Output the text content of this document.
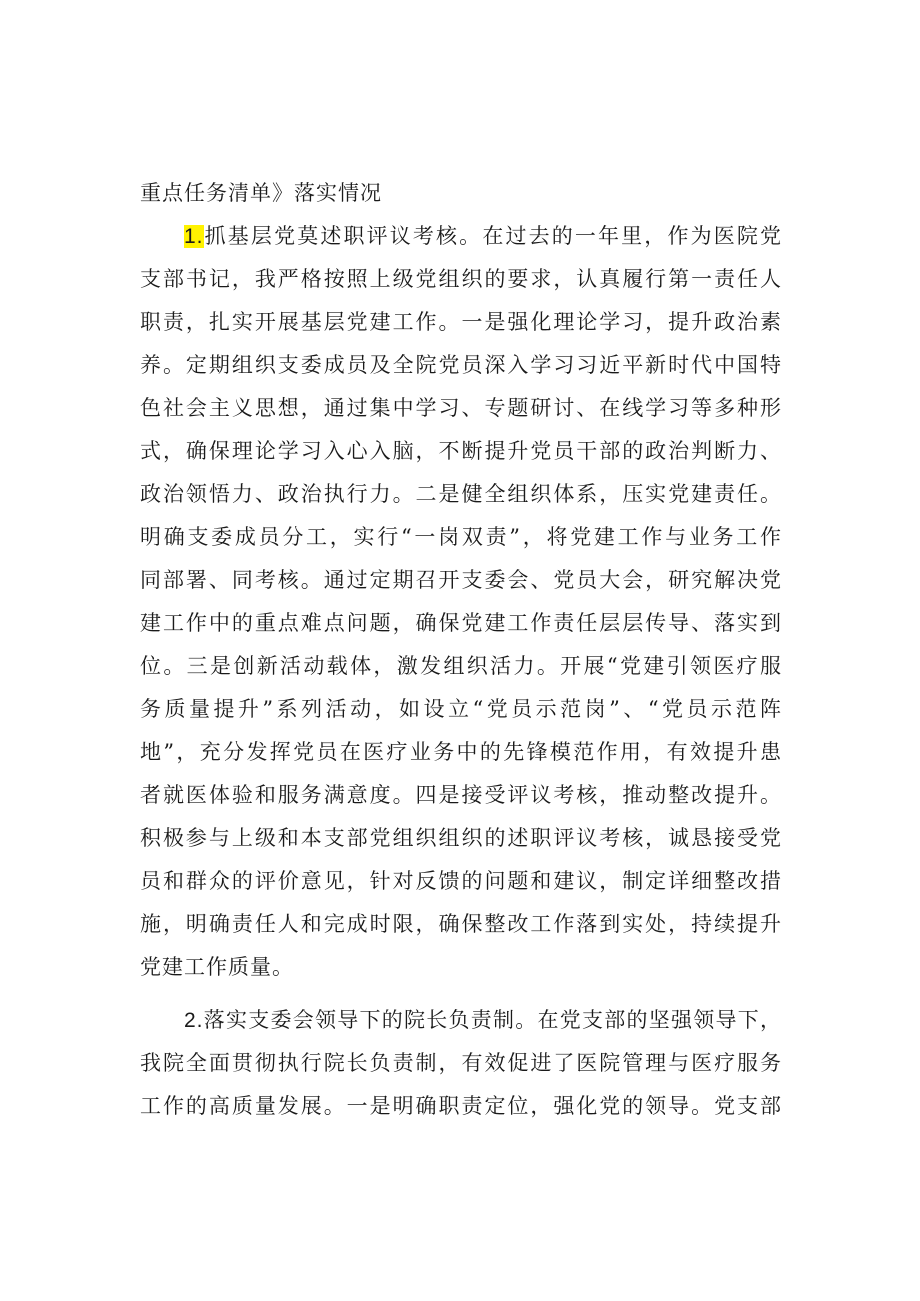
重点任务清单》落实情况
1.抓基层党莫述职评议考核。在过去的一年里，作为医院党
支部书记，我严格按照上级党组织的要求，认真履行第一责任人
职责，扎实开展基层党建工作。一是强化理论学习，提升政治素
养。定期组织支委成员及全院党员深入学习习近平新时代中国特
色社会主义思想，通过集中学习、专题研讨、在线学习等多种形
式，确保理论学习入心入脑，不断提升党员干部的政治判断力、
政治领悟力、政治执行力。二是健全组织体系，压实党建责任。
明确支委成员分工，实行“一岗双责”，将党建工作与业务工作
同部署、同考核。通过定期召开支委会、党员大会，研究解决党
建工作中的重点难点问题，确保党建工作责任层层传导、落实到
位。三是创新活动载体，激发组织活力。开展“党建引领医疗服
务质量提升”系列活动，如设立“党员示范岗”、“党员示范阵
地”，充分发挥党员在医疗业务中的先锋模范作用，有效提升患
者就医体验和服务满意度。四是接受评议考核，推动整改提升。
积极参与上级和本支部党组织组织的述职评议考核，诚恳接受党
员和群众的评价意见，针对反馈的问题和建议，制定详细整改措
施，明确责任人和完成时限，确保整改工作落到实处，持续提升
党建工作质量。
2.落实支委会领导下的院长负责制。在党支部的坚强领导下，
我院全面贯彻执行院长负责制，有效促进了医院管理与医疗服务
工作的高质量发展。一是明确职责定位，强化党的领导。党支部
